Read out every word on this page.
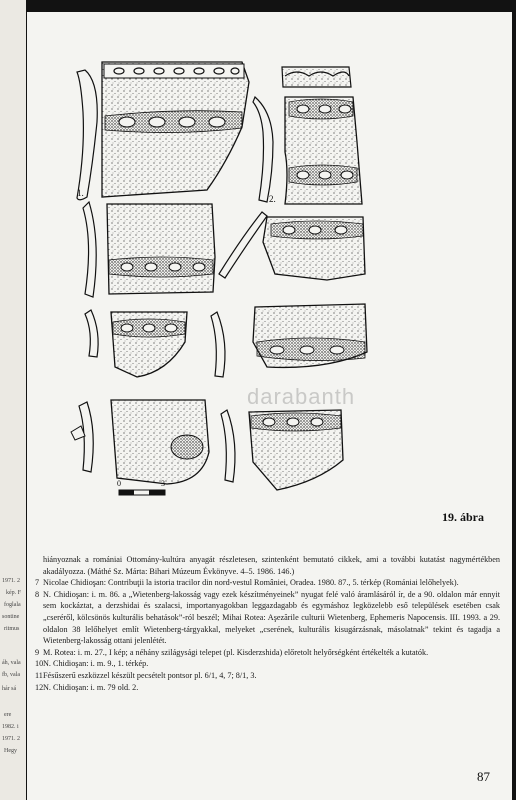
1971. 2
kép. F
foglala
sontine
ritmus
áh, vala
fb, vala
hár sá
ere
1982. i
1971. 2
Hegy
1.
2.
0	3
darabanth
19. ábra
hiányoznak a romániai Ottomány-kultúra anyagát részletesen, szintenként bemutató cikkek, ami a további kutatást nagymértékben akadályozza. (Máthé Sz. Márta: Bihari Múzeum Évkönyve. 4–5. 1986. 146.)
7 Nicolae Chidioşan: Contribuţii la istoria tracilor din nord-vestul României, Oradea. 1980. 87., 5. térkép (Romániai lelőhelyek).
8 N. Chidioşan: i. m. 86. a „Wietenberg-lakosság vagy ezek készítményeinek” nyugat felé való áramlásáról ír, de a 90. oldalon már ennyit sem kockáztat, a derzshidai és szalacsi, importanyagokban leggazdagabb és egymáshoz legközelebb eső települések esetében csak „cseréről, kölcsönös kulturális behatások”-ról beszél; Mihai Rotea: Aşezările culturii Wietenberg, Ephemeris Napocensis. III. 1993. a 29. oldalon 38 lelőhelyet említ Wietenberg-tárgyakkal, melyeket „cserének, kulturális kisugárzásnak, másolatnak” tekint és tagadja a Wietenberg-lakosság ottani jelenlétét.
9 M. Rotea: i. m. 27., I kép; a néhány szilágysági telepet (pl. Kisderzshida) előretolt helyőrségként értékelték a kutatók.
10 N. Chidioşan: i. m. 9., 1. térkép.
11 Fésűszerű eszközzel készült pecsételt pontsor pl. 6/1, 4, 7; 8/1, 3.
12 N. Chidioşan: i. m. 79 old. 2.
87
